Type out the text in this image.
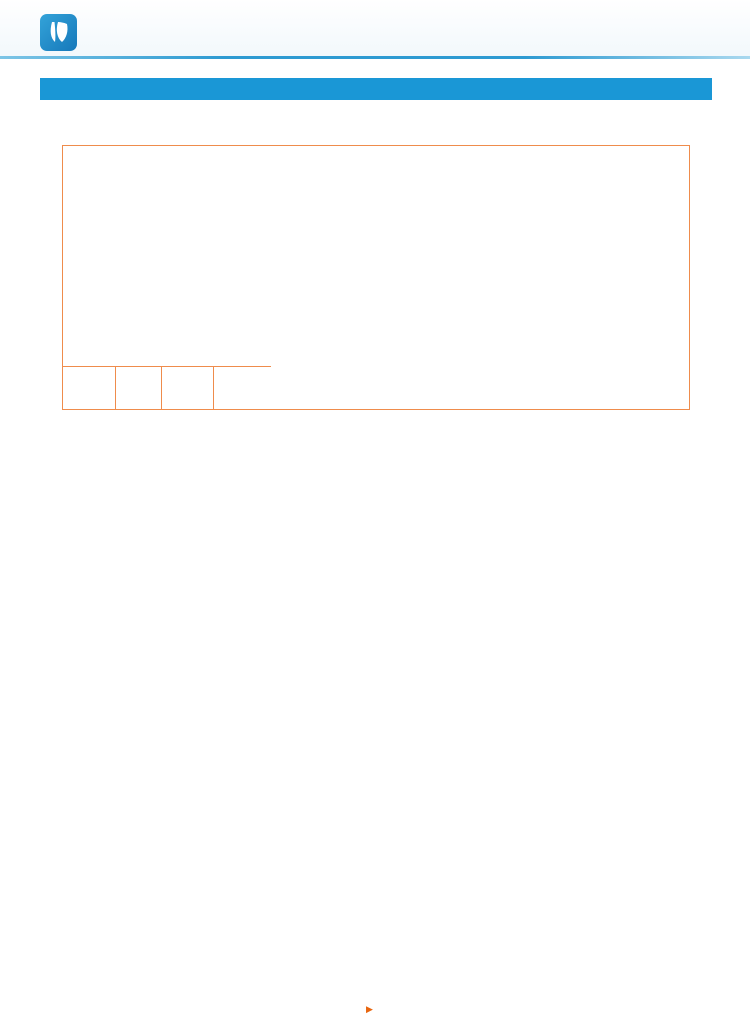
▶
